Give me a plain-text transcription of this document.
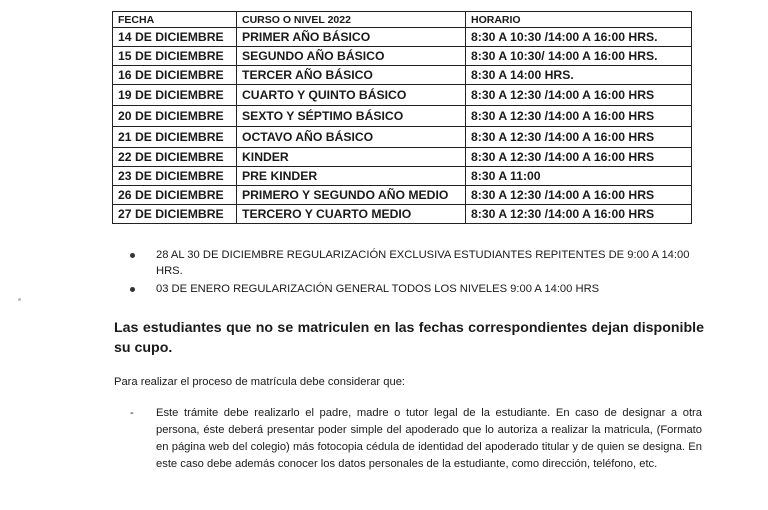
FECHA	CURSO O NIVEL 2022	HORARIO
14 DE DICIEMBRE	PRIMER AÑO BÁSICO	8:30 A 10:30 /14:00 A 16:00 HRS.
15 DE DICIEMBRE	SEGUNDO AÑO BÁSICO	8:30 A 10:30/ 14:00 A 16:00 HRS.
16 DE DICIEMBRE	TERCER AÑO BÁSICO	8:30 A 14:00 HRS.
19 DE DICIEMBRE	CUARTO Y QUINTO BÁSICO	8:30 A 12:30 /14:00 A 16:00 HRS
20 DE DICIEMBRE	SEXTO Y SÉPTIMO BÁSICO	8:30 A 12:30 /14:00 A 16:00 HRS
21 DE DICIEMBRE	OCTAVO AÑO BÁSICO	8:30 A 12:30 /14:00 A 16:00 HRS
22 DE DICIEMBRE	KINDER	8:30 A 12:30 /14:00 A 16:00 HRS
23 DE DICIEMBRE	PRE KINDER	8:30 A 11:00
26 DE DICIEMBRE	PRIMERO Y SEGUNDO AÑO MEDIO	8:30 A 12:30 /14:00 A 16:00 HRS
27 DE DICIEMBRE	TERCERO Y CUARTO MEDIO	8:30 A 12:30 /14:00 A 16:00 HRS
28 AL 30 DE DICIEMBRE REGULARIZACIÓN EXCLUSIVA ESTUDIANTES REPITENTES DE 9:00 A 14:00 HRS.
03 DE ENERO REGULARIZACIÓN GENERAL TODOS LOS NIVELES 9:00 A 14:00 HRS
Las estudiantes que no se matriculen en las fechas correspondientes dejan disponible su cupo.
Para realizar el proceso de matrícula debe considerar que:
- Este trámite debe realizarlo el padre, madre o tutor legal de la estudiante. En caso de designar a otra persona, éste deberá presentar poder simple del apoderado que lo autoriza a realizar la matricula, (Formato en página web del colegio) más fotocopia cédula de identidad del apoderado titular y de quien se designa. En este caso debe además conocer los datos personales de la estudiante, como dirección, teléfono, etc.
